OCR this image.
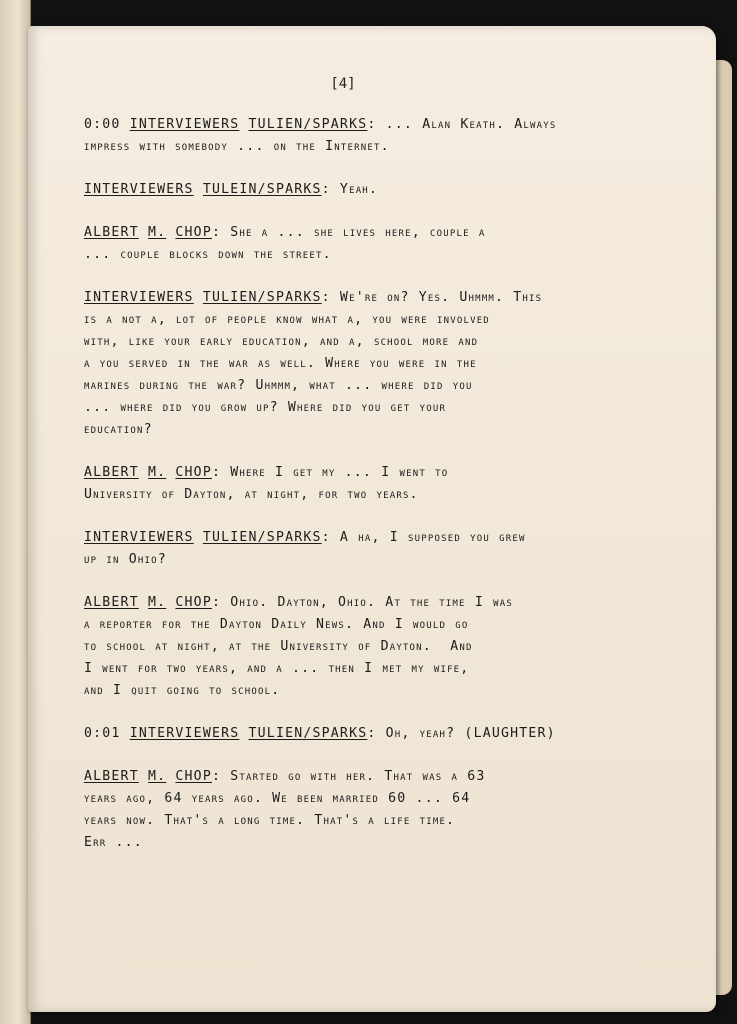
[4]
0:00 INTERVIEWERS TULIEN/SPARKS: ... Alan Keath. Always
impress with somebody ... on the Internet.
INTERVIEWERS TULEIN/SPARKS: Yeah.
ALBERT M. CHOP: She a ... she lives here, couple a
... couple blocks down the street.
INTERVIEWERS TULIEN/SPARKS: We're on? Yes. Uhmmm. This
is a not a, lot of people know what a, you were involved
with, like your early education, and a, school more and
a you served in the war as well. Where you were in the
marines during the war? Uhmmm, what ... where did you
... where did you grow up? Where did you get your
education?
ALBERT M. CHOP: Where I get my ... I went to
University of Dayton, at night, for two years.
INTERVIEWERS TULIEN/SPARKS: A ha, I supposed you grew
up in Ohio?
ALBERT M. CHOP: Ohio. Dayton, Ohio. At the time I was
a reporter for the Dayton Daily News. And I would go
to school at night, at the University of Dayton.  And
I went for two years, and a ... then I met my wife,
and I quit going to school.
0:01 INTERVIEWERS TULIEN/SPARKS: Oh, yeah? (LAUGHTER)
ALBERT M. CHOP: Started go with her. That was a 63
years ago, 64 years ago. We been married 60 ... 64
years now. That's a long time. That's a life time.
Err ...
